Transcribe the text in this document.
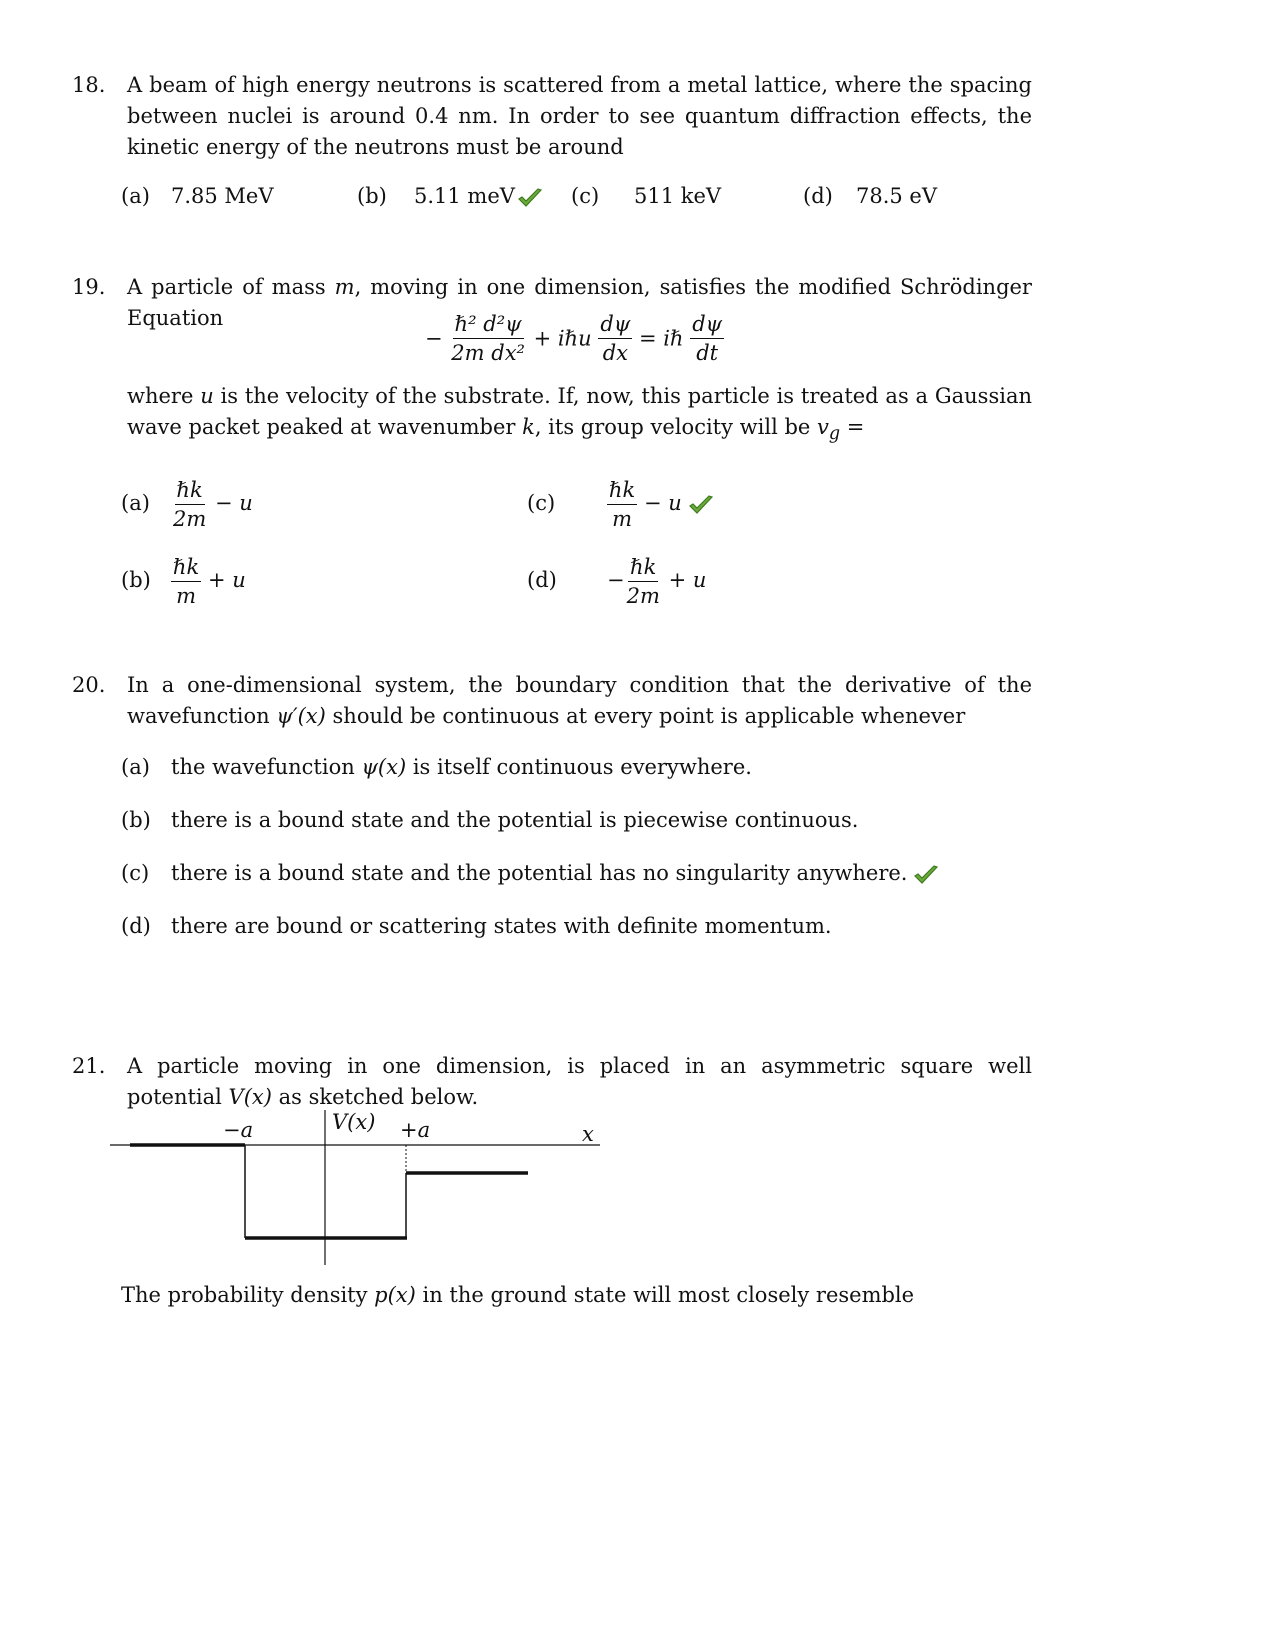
18. A beam of high energy neutrons is scattered from a metal lattice, where the spacing between nuclei is around 0.4 nm. In order to see quantum diffraction effects, the kinetic energy of the neutrons must be around
(a) 7.85 MeV	(b) 5.11 meV	(c) 511 keV	(d) 78.5 eV
19. A particle of mass m, moving in one dimension, satisfies the modified Schrödinger Equation
− $\frac{\text{ℏ² d²ψ}}{\text{2m dx²}}$ + iℏu $\frac{d\psi}{dx}$ = iℏ $\frac{d\psi}{dt}$
where u is the velocity of the substrate. If, now, this particle is treated as a Gaussian wave packet peaked at wavenumber k, its group velocity will be $v_g$ =
$(a) \frac{\text{ℏk}}{2m} - u$
$(b) \frac{\text{ℏk}}{m} + u$
$(c) \frac{\text{ℏk}}{m} - u$
$(d) - \frac{\text{ℏk}}{2m} + u$
20. In a one-dimensional system, the boundary condition that the derivative of the wavefunction ψ′(x) should be continuous at every point is applicable whenever
(a) the wavefunction ψ(x) is itself continuous everywhere.
(b) there is a bound state and the potential is piecewise continuous.
(c) there is a bound state and the potential has no singularity anywhere.
(d) there are bound or scattering states with definite momentum.
21. A particle moving in one dimension, is placed in an asymmetric square well potential V(x) as sketched below.
−a	V(x) +a	x
The probability density p(x) in the ground state will most closely resemble
